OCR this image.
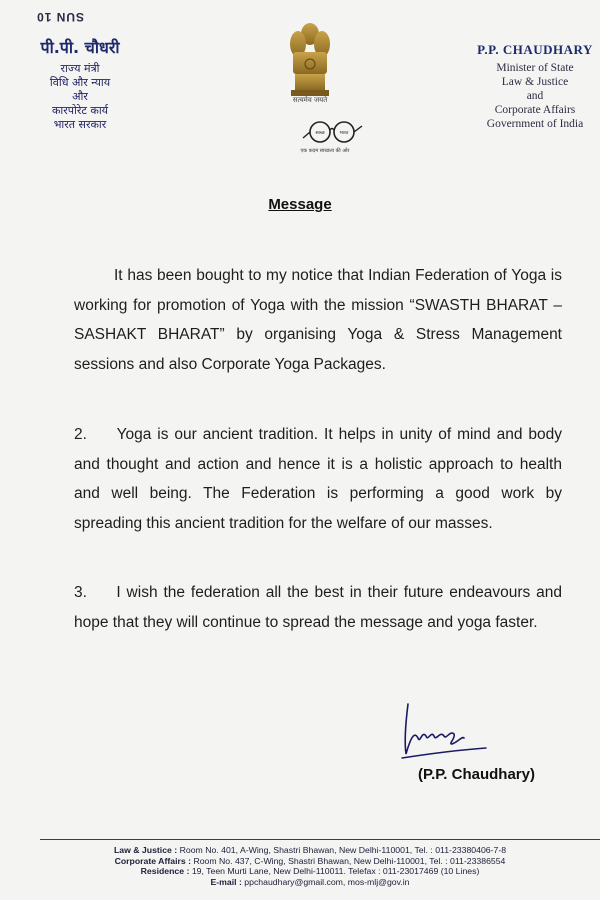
SUN 10
पी.पी. चौधरी
राज्य मंत्री
विधि और न्याय
और
कारपोरेट कार्य
भारत सरकार
सत्यमेव जयते
स्वच्छ	भारत
एक कदम स्वच्छता की ओर
P.P. CHAUDHARY
Minister of State
Law & Justice
and
Corporate Affairs
Government of India
Message
It has been bought to my notice that Indian Federation of Yoga is working for promotion of Yoga with the mission “SWASTH BHARAT – SASHAKT BHARAT” by organising Yoga & Stress Management sessions and also Corporate Yoga Packages.
2.     Yoga is our ancient tradition. It helps in unity of mind and body and thought and action and hence it is a holistic approach to health and well being. The Federation is performing a good work by spreading this ancient tradition for the welfare of our masses.
3.     I wish the federation all the best in their future endeavours and hope that they will continue to spread the message and yoga faster.
(P.P. Chaudhary)
Law & Justice : Room No. 401, A-Wing, Shastri Bhawan, New Delhi-110001, Tel. : 011-23380406-7-8
Corporate Affairs : Room No. 437, C-Wing, Shastri Bhawan, New Delhi-110001, Tel. : 011-23386554
Residence : 19, Teen Murti Lane, New Delhi-110011. Telefax : 011-23017469 (10 Lines)
E-mail : ppchaudhary@gmail.com, mos-mlj@gov.in
